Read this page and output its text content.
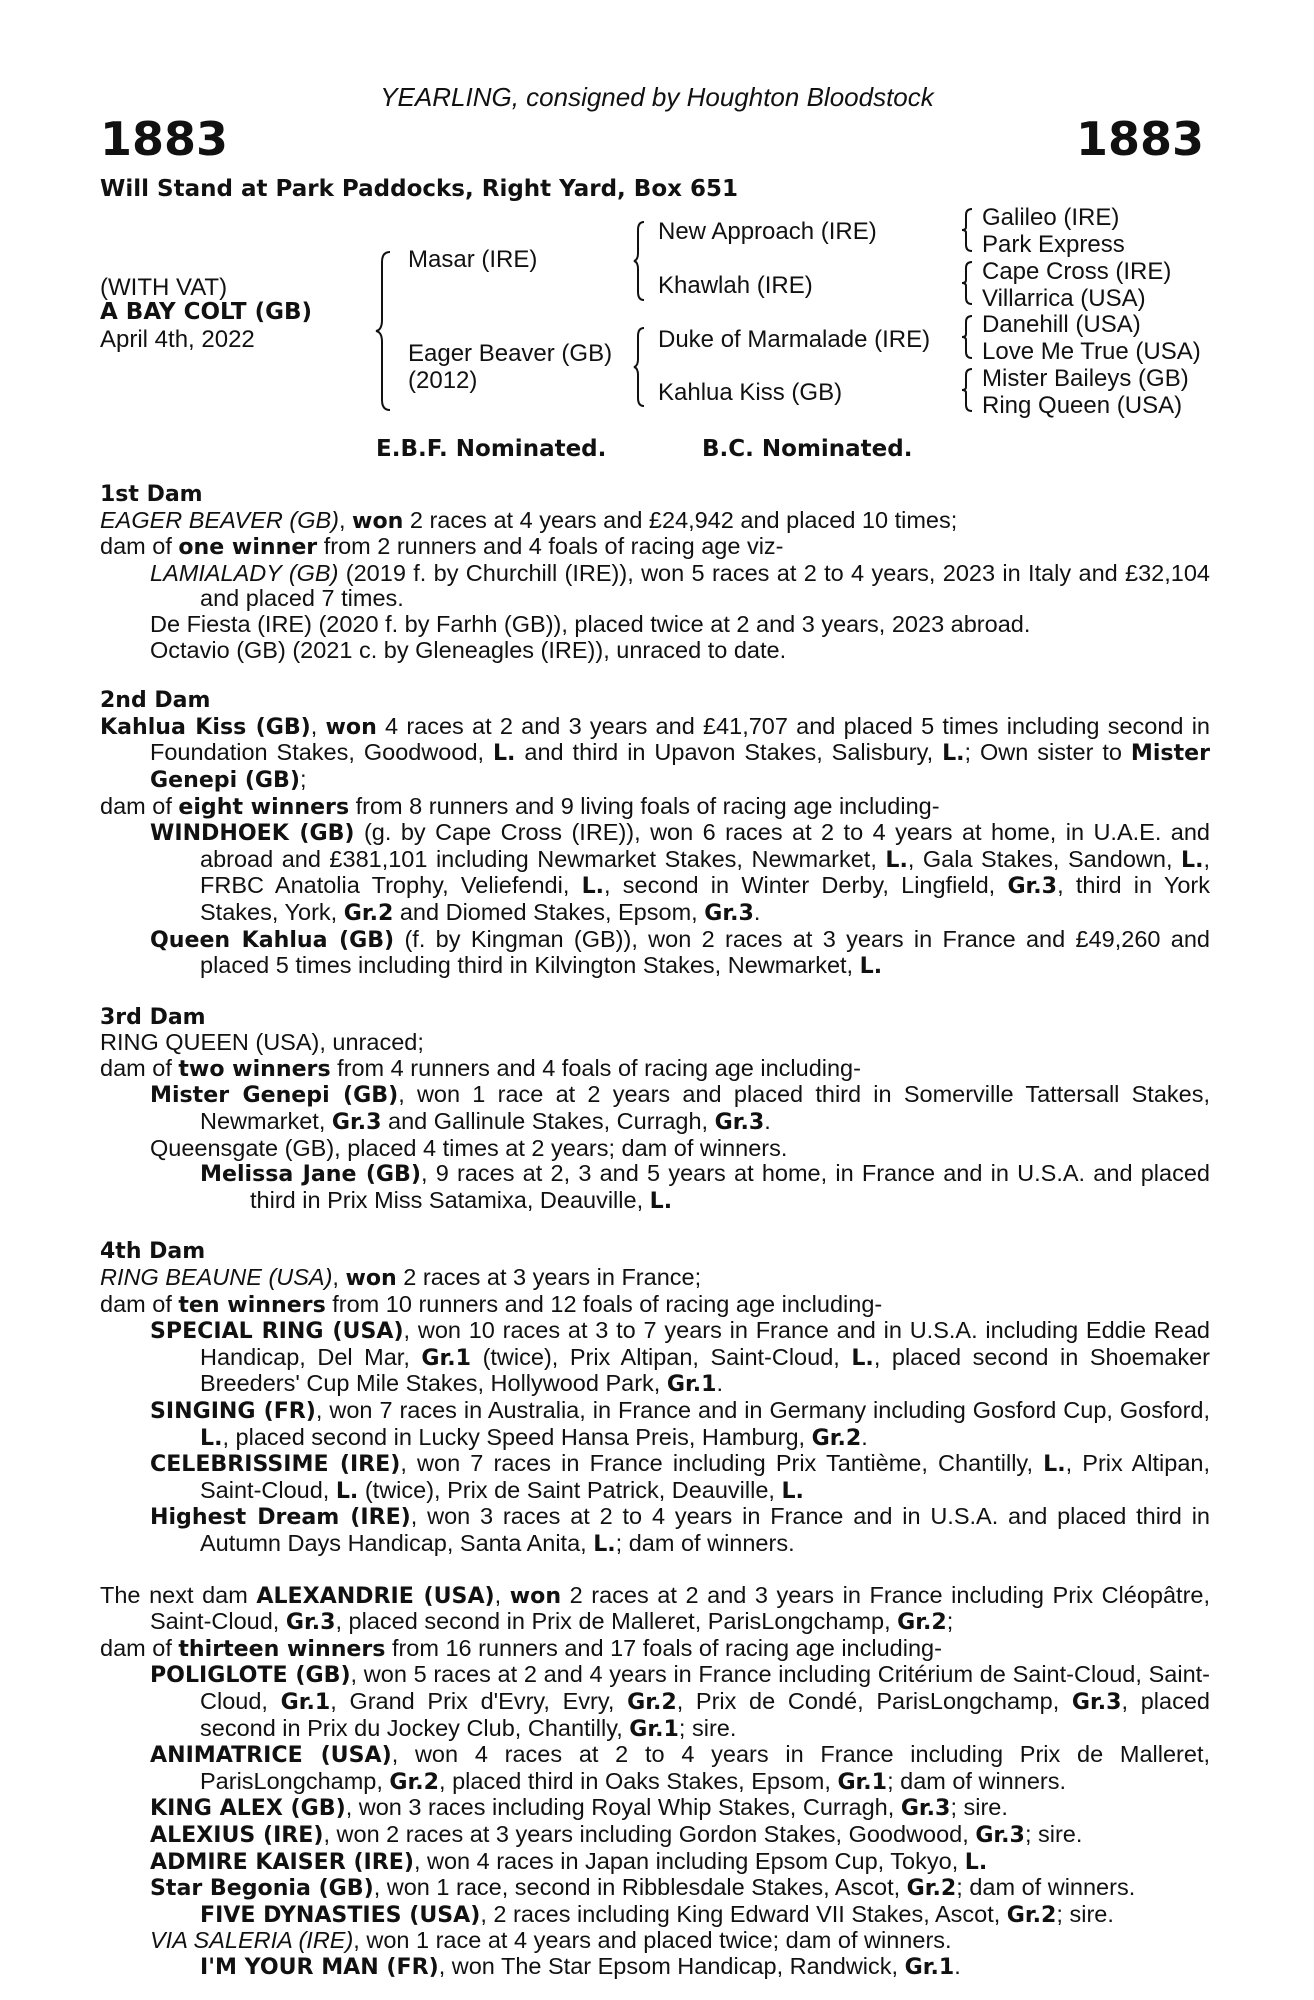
YEARLING, consigned by Houghton Bloodstock
1883	1883
Will Stand at Park Paddocks, Right Yard, Box 651
(WITH VAT)
A BAY COLT (GB)
April 4th, 2022
Masar (IRE)
Eager Beaver (GB)
(2012)
New Approach (IRE)
Khawlah (IRE)
Duke of Marmalade (IRE)
Kahlua Kiss (GB)
Galileo (IRE)
Park Express
Cape Cross (IRE)
Villarrica (USA)
Danehill (USA)
Love Me True (USA)
Mister Baileys (GB)
Ring Queen (USA)
E.B.F. Nominated.	B.C. Nominated.

1st Dam

EAGER BEAVER (GB), won 2 races at 4 years and £24,942 and placed 10 times;

dam of one winner from 2 runners and 4 foals of racing age viz-

LAMIALADY (GB) (2019 f. by Churchill (IRE)), won 5 races at 2 to 4 years, 2023 in Italy and £32,104 and placed 7 times.

De Fiesta (IRE) (2020 f. by Farhh (GB)), placed twice at 2 and 3 years, 2023 abroad.

Octavio (GB) (2021 c. by Gleneagles (IRE)), unraced to date.

2nd Dam

Kahlua Kiss (GB), won 4 races at 2 and 3 years and £41,707 and placed 5 times including second in Foundation Stakes, Goodwood, L. and third in Upavon Stakes, Salisbury, L.; Own sister to Mister Genepi (GB);

dam of eight winners from 8 runners and 9 living foals of racing age including-

WINDHOEK (GB) (g. by Cape Cross (IRE)), won 6 races at 2 to 4 years at home, in U.A.E. and abroad and £381,101 including Newmarket Stakes, Newmarket, L., Gala Stakes, Sandown, L., FRBC Anatolia Trophy, Veliefendi, L., second in Winter Derby, Lingfield, Gr.3, third in York Stakes, York, Gr.2 and Diomed Stakes, Epsom, Gr.3.

Queen Kahlua (GB) (f. by Kingman (GB)), won 2 races at 3 years in France and £49,260 and placed 5 times including third in Kilvington Stakes, Newmarket, L.

3rd Dam

RING QUEEN (USA), unraced;

dam of two winners from 4 runners and 4 foals of racing age including-

Mister Genepi (GB), won 1 race at 2 years and placed third in Somerville Tattersall Stakes, Newmarket, Gr.3 and Gallinule Stakes, Curragh, Gr.3.

Queensgate (GB), placed 4 times at 2 years; dam of winners.

Melissa Jane (GB), 9 races at 2, 3 and 5 years at home, in France and in U.S.A. and placed third in Prix Miss Satamixa, Deauville, L.

4th Dam

RING BEAUNE (USA), won 2 races at 3 years in France;

dam of ten winners from 10 runners and 12 foals of racing age including-

SPECIAL RING (USA), won 10 races at 3 to 7 years in France and in U.S.A. including Eddie Read Handicap, Del Mar, Gr.1 (twice), Prix Altipan, Saint-Cloud, L., placed second in Shoemaker Breeders' Cup Mile Stakes, Hollywood Park, Gr.1.

SINGING (FR), won 7 races in Australia, in France and in Germany including Gosford Cup, Gosford, L., placed second in Lucky Speed Hansa Preis, Hamburg, Gr.2.

CELEBRISSIME (IRE), won 7 races in France including Prix Tantième, Chantilly, L., Prix Altipan, Saint-Cloud, L. (twice), Prix de Saint Patrick, Deauville, L.

Highest Dream (IRE), won 3 races at 2 to 4 years in France and in U.S.A. and placed third in Autumn Days Handicap, Santa Anita, L.; dam of winners.

The next dam ALEXANDRIE (USA), won 2 races at 2 and 3 years in France including Prix Cléopâtre, Saint-Cloud, Gr.3, placed second in Prix de Malleret, ParisLongchamp, Gr.2;

dam of thirteen winners from 16 runners and 17 foals of racing age including-

POLIGLOTE (GB), won 5 races at 2 and 4 years in France including Critérium de Saint-Cloud, Saint-Cloud, Gr.1, Grand Prix d'Evry, Evry, Gr.2, Prix de Condé, ParisLongchamp, Gr.3, placed second in Prix du Jockey Club, Chantilly, Gr.1; sire.

ANIMATRICE (USA), won 4 races at 2 to 4 years in France including Prix de Malleret, ParisLongchamp, Gr.2, placed third in Oaks Stakes, Epsom, Gr.1; dam of winners.

KING ALEX (GB), won 3 races including Royal Whip Stakes, Curragh, Gr.3; sire.

ALEXIUS (IRE), won 2 races at 3 years including Gordon Stakes, Goodwood, Gr.3; sire.

ADMIRE KAISER (IRE), won 4 races in Japan including Epsom Cup, Tokyo, L.

Star Begonia (GB), won 1 race, second in Ribblesdale Stakes, Ascot, Gr.2; dam of winners.

FIVE DYNASTIES (USA), 2 races including King Edward VII Stakes, Ascot, Gr.2; sire.

VIA SALERIA (IRE), won 1 race at 4 years and placed twice; dam of winners.

I'M YOUR MAN (FR), won The Star Epsom Handicap, Randwick, Gr.1.
